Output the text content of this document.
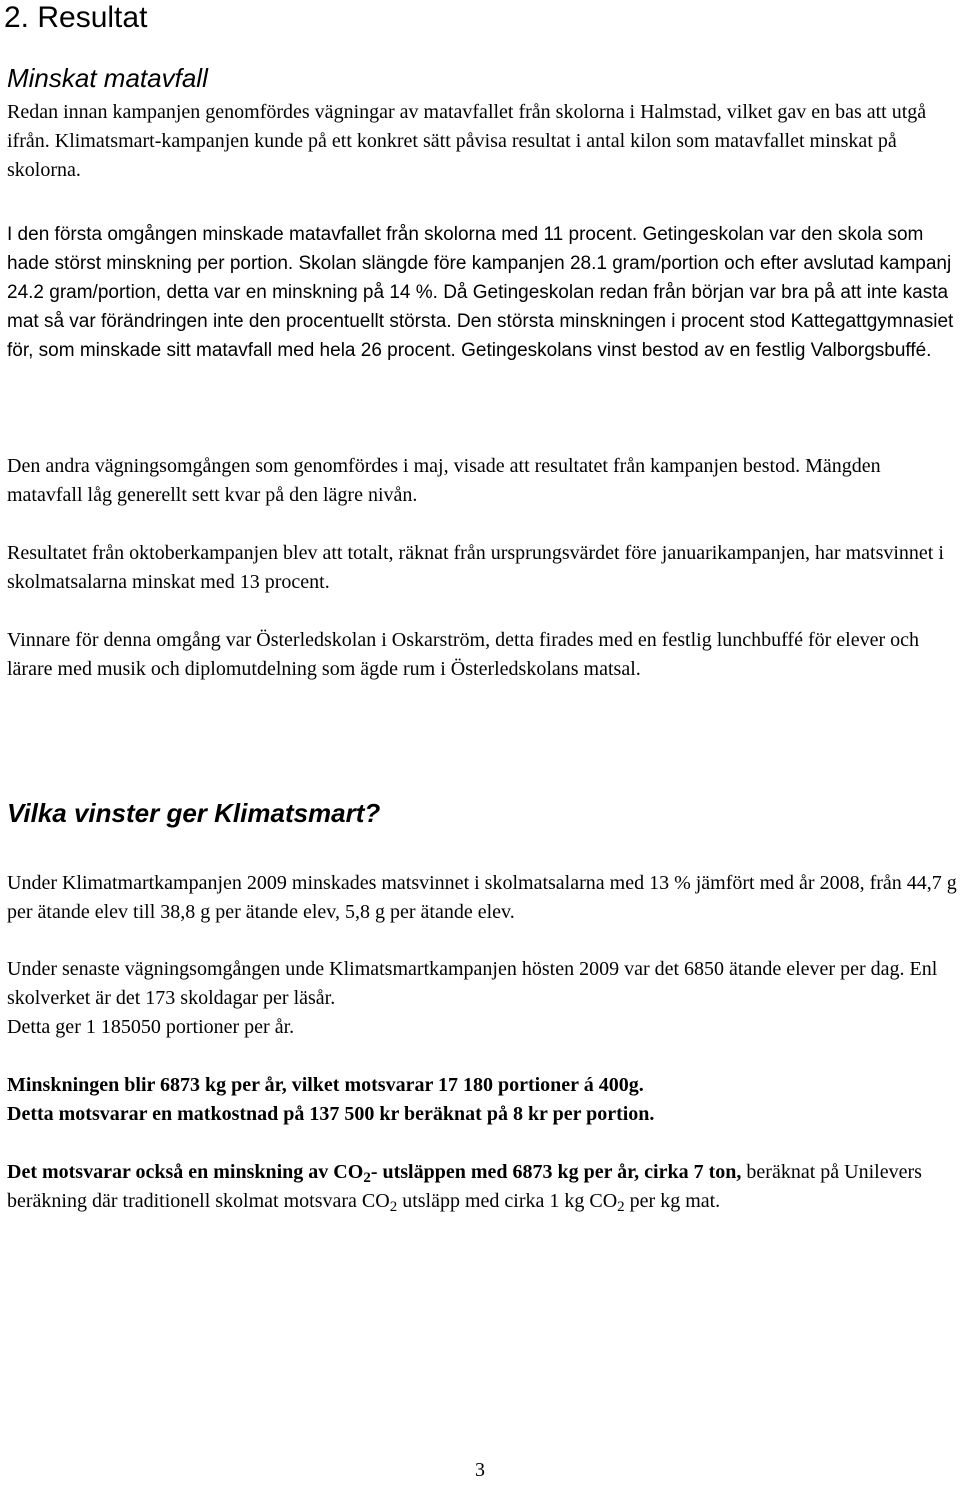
2. Resultat
Minskat matavfall

Redan innan kampanjen genomfördes vägningar av matavfallet från skolorna i Halmstad, vilket gav en bas att utgå ifrån. Klimatsmart-kampanjen kunde på ett konkret sätt påvisa resultat i antal kilon som matavfallet minskat på skolorna.

I den första omgången minskade matavfallet från skolorna med 11 procent. Getingeskolan var den skola som hade störst minskning per portion. Skolan slängde före kampanjen 28.1 gram/portion och efter avslutad kampanj 24.2 gram/portion, detta var en minskning på 14 %. Då Getingeskolan redan från början var bra på att inte kasta mat så var förändringen inte den procentuellt största. Den största minskningen i procent stod Kattegattgymnasiet för, som minskade sitt matavfall med hela 26 procent. Getingeskolans vinst bestod av en festlig Valborgsbuffé.

Den andra vägningsomgången som genomfördes i maj, visade att resultatet från kampanjen bestod. Mängden matavfall låg generellt sett kvar på den lägre nivån.

Resultatet från oktoberkampanjen blev att totalt, räknat från ursprungsvärdet före januarikampanjen, har matsvinnet i skolmatsalarna minskat med 13 procent.

Vinnare för denna omgång var Österledskolan i Oskarström, detta firades med en festlig lunchbuffé för elever och lärare med musik och diplomutdelning som ägde rum i Österledskolans matsal.

Vilka vinster ger Klimatsmart?

Under Klimatmartkampanjen 2009 minskades matsvinnet i skolmatsalarna med 13 % jämfört med år 2008, från 44,7 g per ätande elev till 38,8 g per ätande elev, 5,8 g per ätande elev.

Under senaste vägningsomgången unde Klimatsmartkampanjen hösten 2009 var det 6850 ätande elever per dag. Enl skolverket är det 173 skoldagar per läsår.
Detta ger 1 185050 portioner per år.
Minskningen blir 6873 kg per år, vilket motsvarar 17 180 portioner á 400g.
Detta motsvarar en matkostnad på 137 500 kr beräknat på 8 kr per portion.

Det motsvarar också en minskning av $CO_2-$ utsläppen med 6873 kg per år, cirka 7 ton, beräknat på Unilevers beräkning där traditionell skolmat motsvara $CO_2$ utsläpp med cirka 1 kg $CO_2$ per kg mat.

3
